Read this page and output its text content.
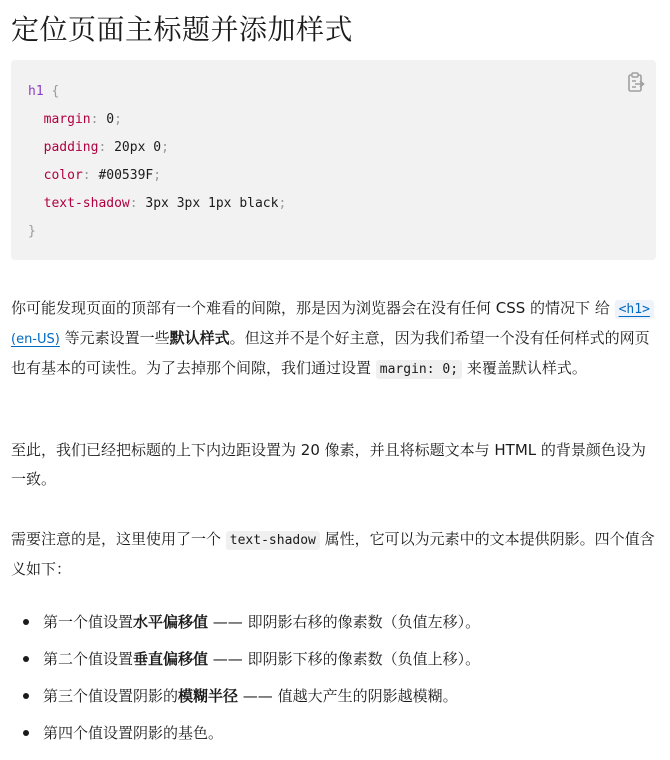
定位页面主标题并添加样式
h1 {
margin: 0;
padding: 20px 0;
color: #00539F;
text-shadow: 3px 3px 1px black;
}

你可能发现页面的顶部有一个难看的间隙，那是因为浏览器会在没有任何 CSS 的情况下 给 <h1> (en-US) 等元素设置一些默认样式。但这并不是个好主意，因为我们希望一个没有任何样式的网页也有基本的可读性。为了去掉那个间隙，我们通过设置 margin: 0; 来覆盖默认样式。

至此，我们已经把标题的上下内边距设置为 20 像素，并且将标题文本与 HTML 的背景颜色设为一致。

需要注意的是，这里使用了一个 text-shadow 属性，它可以为元素中的文本提供阴影。四个值含义如下：

第一个值设置水平偏移值 —— 即阴影右移的像素数（负值左移）。
第二个值设置垂直偏移值 —— 即阴影下移的像素数（负值上移）。
第三个值设置阴影的模糊半径 —— 值越大产生的阴影越模糊。
第四个值设置阴影的基色。
